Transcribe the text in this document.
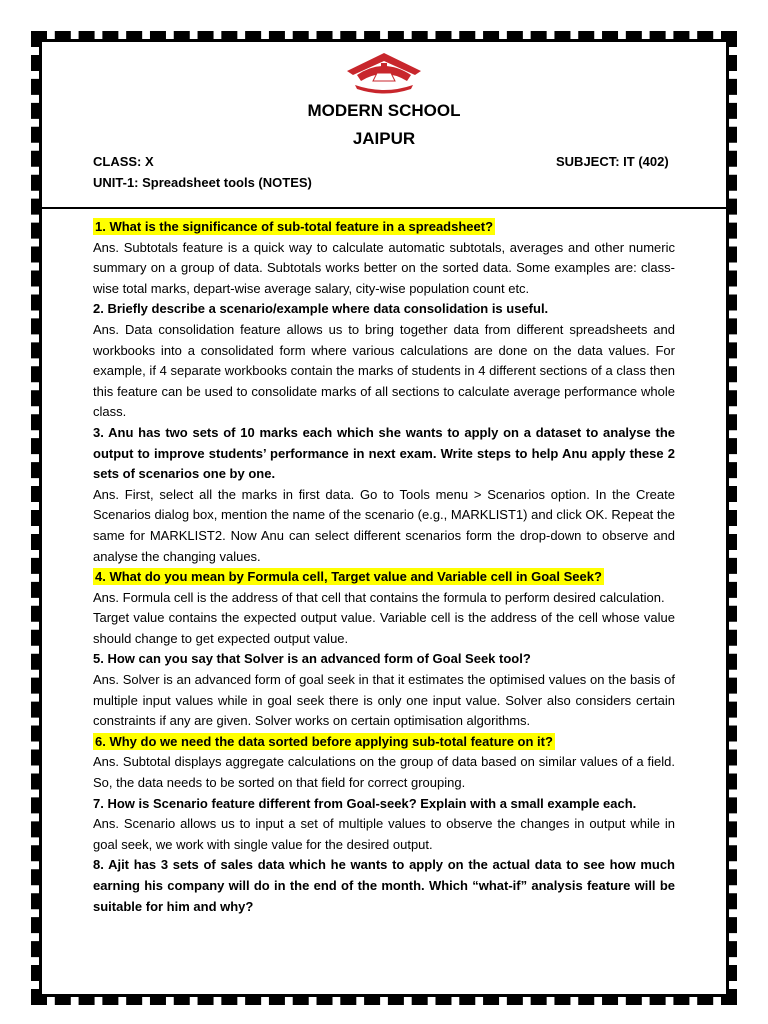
MODERN SCHOOL
JAIPUR
CLASS: X	SUBJECT: IT (402)
UNIT-1: Spreadsheet tools (NOTES)

1. What is the significance of sub-total feature in a spreadsheet?

Ans. Subtotals feature is a quick way to calculate automatic subtotals, averages and other numeric summary on a group of data. Subtotals works better on the sorted data. Some examples are: class-wise total marks, depart-wise average salary, city-wise population count etc.

2. Briefly describe a scenario/example where data consolidation is useful.

Ans. Data consolidation feature allows us to bring together data from different spreadsheets and workbooks into a consolidated form where various calculations are done on the data values. For example, if 4 separate workbooks contain the marks of students in 4 different sections of a class then this feature can be used to consolidate marks of all sections to calculate average performance whole class.

3. Anu has two sets of 10 marks each which she wants to apply on a dataset to analyse the output to improve students’ performance in next exam. Write steps to help Anu apply these 2 sets of scenarios one by one.

Ans. First, select all the marks in first data. Go to Tools menu > Scenarios option. In the Create Scenarios dialog box, mention the name of the scenario (e.g., MARKLIST1) and click OK. Repeat the same for MARKLIST2. Now Anu can select different scenarios form the drop-down to observe and analyse the changing values.

4. What do you mean by Formula cell, Target value and Variable cell in Goal Seek?

Ans. Formula cell is the address of that cell that contains the formula to perform desired calculation.

Target value contains the expected output value. Variable cell is the address of the cell whose value should change to get expected output value.

5. How can you say that Solver is an advanced form of Goal Seek tool?

Ans. Solver is an advanced form of goal seek in that it estimates the optimised values on the basis of multiple input values while in goal seek there is only one input value. Solver also considers certain constraints if any are given. Solver works on certain optimisation algorithms.

6. Why do we need the data sorted before applying sub-total feature on it?

Ans. Subtotal displays aggregate calculations on the group of data based on similar values of a field. So, the data needs to be sorted on that field for correct grouping.

7. How is Scenario feature different from Goal-seek? Explain with a small example each.

Ans. Scenario allows us to input a set of multiple values to observe the changes in output while in goal seek, we work with single value for the desired output.

8. Ajit has 3 sets of sales data which he wants to apply on the actual data to see how much earning his company will do in the end of the month. Which “what-if” analysis feature will be suitable for him and why?
